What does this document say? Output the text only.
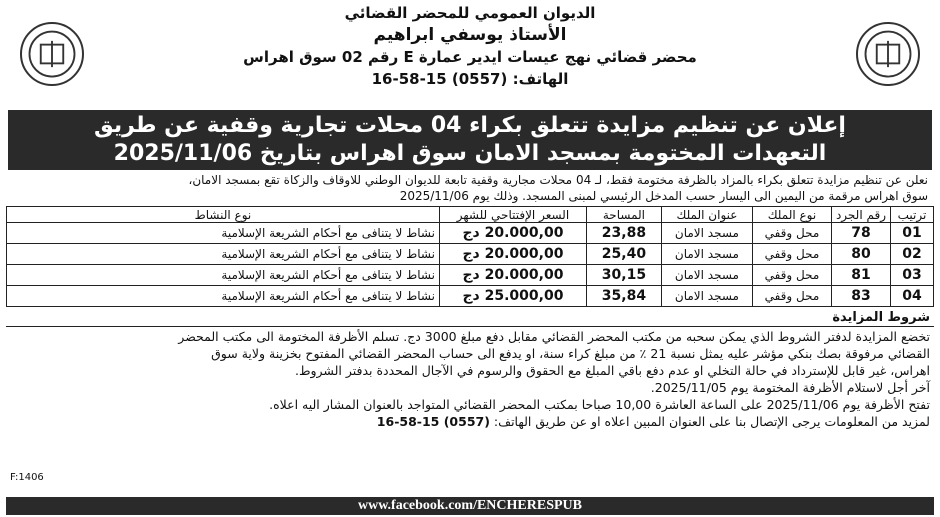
الديوان العمومي للمحضر القضائي
الأستاذ يوسفي ابراهيم
محضر قضائي نهج عيسات ايدير عمارة E رقم 02 سوق اهراس
الهاتف: 16-58-15 (0557)
إعلان عن تنظيم مزايدة تتعلق بكراء 04 محلات تجارية وقفية عن طريق
التعهدات المختومة بمسجد الامان سوق اهراس بتاريخ 2025/11/06
نعلن عن تنظيم مزايدة تتعلق بكراء بالمزاد بالظرفة مختومة فقط، لـ 04 محلات مجارية وقفية تابعة للديوان الوطني للاوقاف والزكاة تقع بمسجد الامان،
سوق اهراس مرقمة من اليمين الى اليسار حسب المدخل الرئيسي لمبنى المسجد. وذلك يوم 2025/11/06
ترتيب	رقم الجرد	نوع الملك	عنوان الملك	المساحة	السعر الإفتتاحي للشهر	نوع النشاط
01	78	محل وقفي	مسجد الامان	23,88	20.000,00 دج	نشاط لا يتنافى مع أحكام الشريعة الإسلامية
02	80	محل وقفي	مسجد الامان	25,40	20.000,00 دج	نشاط لا يتنافى مع أحكام الشريعة الإسلامية
03	81	محل وقفي	مسجد الامان	30,15	20.000,00 دج	نشاط لا يتنافى مع أحكام الشريعة الإسلامية
04	83	محل وقفي	مسجد الامان	35,84	25.000,00 دج	نشاط لا يتنافى مع أحكام الشريعة الإسلامية
شروط المزايدة

تخضع المزايدة لدفتر الشروط الذي يمكن سحبه من مكتب المحضر القضائي مقابل دفع مبلغ 3000 دج. تسلم الأظرفة المختومة الى مكتب المحضر

القضائي مرفوقة بصك بنكي مؤشر عليه يمثل نسبة 21 ٪ من مبلغ كراء سنة، او يدفع الى حساب المحضر القضائي المفتوح بخزينة ولاية سوق

اهراس، غير قابل للإسترداد في حالة التخلي او عدم دفع باقي المبلغ مع الحقوق والرسوم في الآجال المحددة بدفتر الشروط.

آخر أجل لاستلام الأظرفة المختومة يوم 2025/11/05.

تفتح الأظرفة يوم 2025/11/06 على الساعة العاشرة 10,00 صباحا بمكتب المحضر القضائي المتواجد بالعنوان المشار اليه اعلاه.

لمزيد من المعلومات يرجى الإتصال بنا على العنوان المبين اعلاه او عن طريق الهاتف: 16-58-15 (0557)

F:1406
www.facebook.com/ENCHERESPUB
